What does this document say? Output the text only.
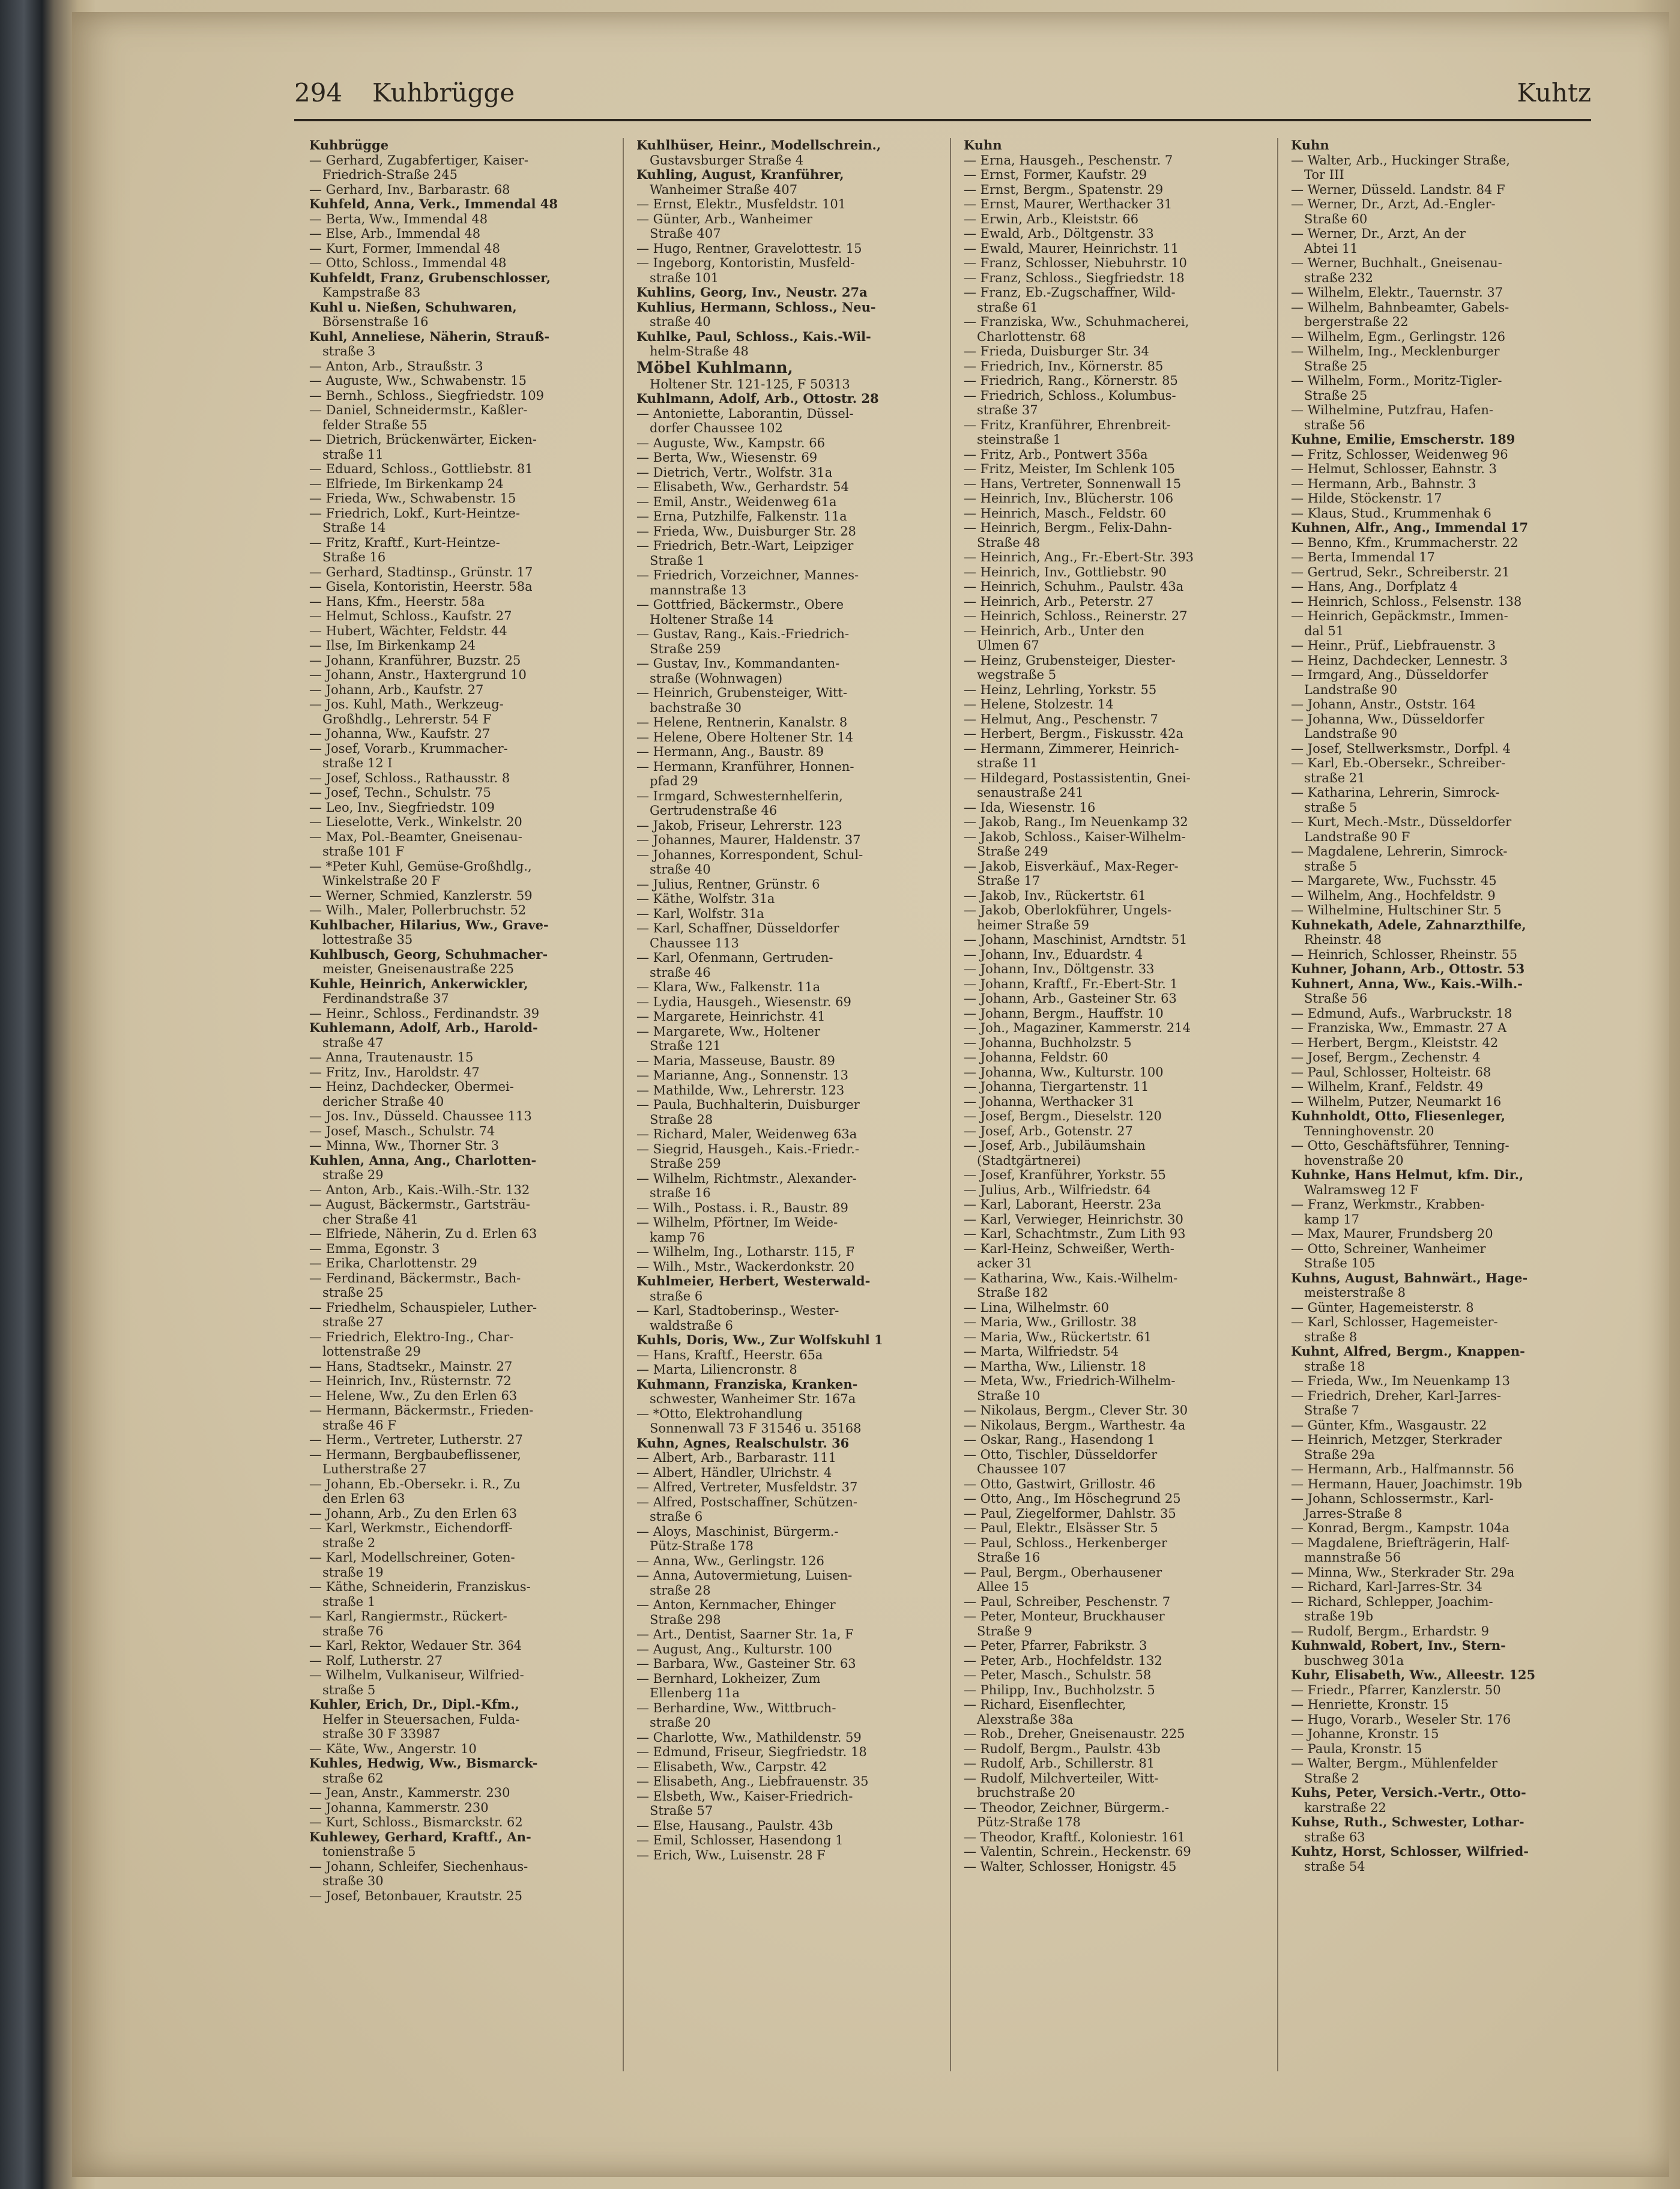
294 Kuhbrügge	Kuhtz
Kuhbrügge
— Gerhard, Zugabfertiger, Kaiser-
Friedrich-Straße 245
— Gerhard, Inv., Barbarastr. 68
Kuhfeld, Anna, Verk., Immendal 48
— Berta, Ww., Immendal 48
— Else, Arb., Immendal 48
— Kurt, Former, Immendal 48
— Otto, Schloss., Immendal 48
Kuhfeldt, Franz, Grubenschlosser,
Kampstraße 83
Kuhl u. Nießen, Schuhwaren,
Börsenstraße 16
Kuhl, Anneliese, Näherin, Strauß-
straße 3
— Anton, Arb., Straußstr. 3
— Auguste, Ww., Schwabenstr. 15
— Bernh., Schloss., Siegfriedstr. 109
— Daniel, Schneidermstr., Kaßler-
felder Straße 55
— Dietrich, Brückenwärter, Eicken-
straße 11
— Eduard, Schloss., Gottliebstr. 81
— Elfriede, Im Birkenkamp 24
— Frieda, Ww., Schwabenstr. 15
— Friedrich, Lokf., Kurt-Heintze-
Straße 14
— Fritz, Kraftf., Kurt-Heintze-
Straße 16
— Gerhard, Stadtinsp., Grünstr. 17
— Gisela, Kontoristin, Heerstr. 58a
— Hans, Kfm., Heerstr. 58a
— Helmut, Schloss., Kaufstr. 27
— Hubert, Wächter, Feldstr. 44
— Ilse, Im Birkenkamp 24
— Johann, Kranführer, Buzstr. 25
— Johann, Anstr., Haxtergrund 10
— Johann, Arb., Kaufstr. 27
— Jos. Kuhl, Math., Werkzeug-
Großhdlg., Lehrerstr. 54 F
— Johanna, Ww., Kaufstr. 27
— Josef, Vorarb., Krummacher-
straße 12 I
— Josef, Schloss., Rathausstr. 8
— Josef, Techn., Schulstr. 75
— Leo, Inv., Siegfriedstr. 109
— Lieselotte, Verk., Winkelstr. 20
— Max, Pol.-Beamter, Gneisenau-
straße 101 F
— *Peter Kuhl, Gemüse-Großhdlg.,
Winkelstraße 20 F
— Werner, Schmied, Kanzlerstr. 59
— Wilh., Maler, Pollerbruchstr. 52
Kuhlbacher, Hilarius, Ww., Grave-
lottestraße 35
Kuhlbusch, Georg, Schuhmacher-
meister, Gneisenaustraße 225
Kuhle, Heinrich, Ankerwickler,
Ferdinandstraße 37
— Heinr., Schloss., Ferdinandstr. 39
Kuhlemann, Adolf, Arb., Harold-
straße 47
— Anna, Trautenaustr. 15
— Fritz, Inv., Haroldstr. 47
— Heinz, Dachdecker, Obermei-
dericher Straße 40
— Jos. Inv., Düsseld. Chaussee 113
— Josef, Masch., Schulstr. 74
— Minna, Ww., Thorner Str. 3
Kuhlen, Anna, Ang., Charlotten-
straße 29
— Anton, Arb., Kais.-Wilh.-Str. 132
— August, Bäckermstr., Gartsträu-
cher Straße 41
— Elfriede, Näherin, Zu d. Erlen 63
— Emma, Egonstr. 3
— Erika, Charlottenstr. 29
— Ferdinand, Bäckermstr., Bach-
straße 25
— Friedhelm, Schauspieler, Luther-
straße 27
— Friedrich, Elektro-Ing., Char-
lottenstraße 29
— Hans, Stadtsekr., Mainstr. 27
— Heinrich, Inv., Rüsternstr. 72
— Helene, Ww., Zu den Erlen 63
— Hermann, Bäckermstr., Frieden-
straße 46 F
— Herm., Vertreter, Lutherstr. 27
— Hermann, Bergbaubeflissener,
Lutherstraße 27
— Johann, Eb.-Obersekr. i. R., Zu
den Erlen 63
— Johann, Arb., Zu den Erlen 63
— Karl, Werkmstr., Eichendorff-
straße 2
— Karl, Modellschreiner, Goten-
straße 19
— Käthe, Schneiderin, Franziskus-
straße 1
— Karl, Rangiermstr., Rückert-
straße 76
— Karl, Rektor, Wedauer Str. 364
— Rolf, Lutherstr. 27
— Wilhelm, Vulkaniseur, Wilfried-
straße 5
Kuhler, Erich, Dr., Dipl.-Kfm.,
Helfer in Steuersachen, Fulda-
straße 30 F 33987
— Käte, Ww., Angerstr. 10
Kuhles, Hedwig, Ww., Bismarck-
straße 62
— Jean, Anstr., Kammerstr. 230
— Johanna, Kammerstr. 230
— Kurt, Schloss., Bismarckstr. 62
Kuhlewey, Gerhard, Kraftf., An-
tonienstraße 5
— Johann, Schleifer, Siechenhaus-
straße 30
— Josef, Betonbauer, Krautstr. 25
Kuhlhüser, Heinr., Modellschrein.,
Gustavsburger Straße 4
Kuhling, August, Kranführer,
Wanheimer Straße 407
— Ernst, Elektr., Musfeldstr. 101
— Günter, Arb., Wanheimer
Straße 407
— Hugo, Rentner, Gravelottestr. 15
— Ingeborg, Kontoristin, Musfeld-
straße 101
Kuhlins, Georg, Inv., Neustr. 27a
Kuhlius, Hermann, Schloss., Neu-
straße 40
Kuhlke, Paul, Schloss., Kais.-Wil-
helm-Straße 48
Möbel Kuhlmann,
Holtener Str. 121-125, F 50313
Kuhlmann, Adolf, Arb., Ottostr. 28
— Antoniette, Laborantin, Düssel-
dorfer Chaussee 102
— Auguste, Ww., Kampstr. 66
— Berta, Ww., Wiesenstr. 69
— Dietrich, Vertr., Wolfstr. 31a
— Elisabeth, Ww., Gerhardstr. 54
— Emil, Anstr., Weidenweg 61a
— Erna, Putzhilfe, Falkenstr. 11a
— Frieda, Ww., Duisburger Str. 28
— Friedrich, Betr.-Wart, Leipziger
Straße 1
— Friedrich, Vorzeichner, Mannes-
mannstraße 13
— Gottfried, Bäckermstr., Obere
Holtener Straße 14
— Gustav, Rang., Kais.-Friedrich-
Straße 259
— Gustav, Inv., Kommandanten-
straße (Wohnwagen)
— Heinrich, Grubensteiger, Witt-
bachstraße 30
— Helene, Rentnerin, Kanalstr. 8
— Helene, Obere Holtener Str. 14
— Hermann, Ang., Baustr. 89
— Hermann, Kranführer, Honnen-
pfad 29
— Irmgard, Schwesternhelferin,
Gertrudenstraße 46
— Jakob, Friseur, Lehrerstr. 123
— Johannes, Maurer, Haldenstr. 37
— Johannes, Korrespondent, Schul-
straße 40
— Julius, Rentner, Grünstr. 6
— Käthe, Wolfstr. 31a
— Karl, Wolfstr. 31a
— Karl, Schaffner, Düsseldorfer
Chaussee 113
— Karl, Ofenmann, Gertruden-
straße 46
— Klara, Ww., Falkenstr. 11a
— Lydia, Hausgeh., Wiesenstr. 69
— Margarete, Heinrichstr. 41
— Margarete, Ww., Holtener
Straße 121
— Maria, Masseuse, Baustr. 89
— Marianne, Ang., Sonnenstr. 13
— Mathilde, Ww., Lehrerstr. 123
— Paula, Buchhalterin, Duisburger
Straße 28
— Richard, Maler, Weidenweg 63a
— Siegrid, Hausgeh., Kais.-Friedr.-
Straße 259
— Wilhelm, Richtmstr., Alexander-
straße 16
— Wilh., Postass. i. R., Baustr. 89
— Wilhelm, Pförtner, Im Weide-
kamp 76
— Wilhelm, Ing., Lotharstr. 115, F
— Wilh., Mstr., Wackerdonkstr. 20
Kuhlmeier, Herbert, Westerwald-
straße 6
— Karl, Stadtoberinsp., Wester-
waldstraße 6
Kuhls, Doris, Ww., Zur Wolfskuhl 1
— Hans, Kraftf., Heerstr. 65a
— Marta, Liliencronstr. 8
Kuhmann, Franziska, Kranken-
schwester, Wanheimer Str. 167a
— *Otto, Elektrohandlung
Sonnenwall 73 F 31546 u. 35168
Kuhn, Agnes, Realschulstr. 36
— Albert, Arb., Barbarastr. 111
— Albert, Händler, Ulrichstr. 4
— Alfred, Vertreter, Musfeldstr. 37
— Alfred, Postschaffner, Schützen-
straße 6
— Aloys, Maschinist, Bürgerm.-
Pütz-Straße 178
— Anna, Ww., Gerlingstr. 126
— Anna, Autovermietung, Luisen-
straße 28
— Anton, Kernmacher, Ehinger
Straße 298
— Art., Dentist, Saarner Str. 1a, F
— August, Ang., Kulturstr. 100
— Barbara, Ww., Gasteiner Str. 63
— Bernhard, Lokheizer, Zum
Ellenberg 11a
— Berhardine, Ww., Wittbruch-
straße 20
— Charlotte, Ww., Mathildenstr. 59
— Edmund, Friseur, Siegfriedstr. 18
— Elisabeth, Ww., Carpstr. 42
— Elisabeth, Ang., Liebfrauenstr. 35
— Elsbeth, Ww., Kaiser-Friedrich-
Straße 57
— Else, Hausang., Paulstr. 43b
— Emil, Schlosser, Hasendong 1
— Erich, Ww., Luisenstr. 28 F
Kuhn
— Erna, Hausgeh., Peschenstr. 7
— Ernst, Former, Kaufstr. 29
— Ernst, Bergm., Spatenstr. 29
— Ernst, Maurer, Werthacker 31
— Erwin, Arb., Kleiststr. 66
— Ewald, Arb., Döltgenstr. 33
— Ewald, Maurer, Heinrichstr. 11
— Franz, Schlosser, Niebuhrstr. 10
— Franz, Schloss., Siegfriedstr. 18
— Franz, Eb.-Zugschaffner, Wild-
straße 61
— Franziska, Ww., Schuhmacherei,
Charlottenstr. 68
— Frieda, Duisburger Str. 34
— Friedrich, Inv., Körnerstr. 85
— Friedrich, Rang., Körnerstr. 85
— Friedrich, Schloss., Kolumbus-
straße 37
— Fritz, Kranführer, Ehrenbreit-
steinstraße 1
— Fritz, Arb., Pontwert 356a
— Fritz, Meister, Im Schlenk 105
— Hans, Vertreter, Sonnenwall 15
— Heinrich, Inv., Blücherstr. 106
— Heinrich, Masch., Feldstr. 60
— Heinrich, Bergm., Felix-Dahn-
Straße 48
— Heinrich, Ang., Fr.-Ebert-Str. 393
— Heinrich, Inv., Gottliebstr. 90
— Heinrich, Schuhm., Paulstr. 43a
— Heinrich, Arb., Peterstr. 27
— Heinrich, Schloss., Reinerstr. 27
— Heinrich, Arb., Unter den
Ulmen 67
— Heinz, Grubensteiger, Diester-
wegstraße 5
— Heinz, Lehrling, Yorkstr. 55
— Helene, Stolzestr. 14
— Helmut, Ang., Peschenstr. 7
— Herbert, Bergm., Fiskusstr. 42a
— Hermann, Zimmerer, Heinrich-
straße 11
— Hildegard, Postassistentin, Gnei-
senaustraße 241
— Ida, Wiesenstr. 16
— Jakob, Rang., Im Neuenkamp 32
— Jakob, Schloss., Kaiser-Wilhelm-
Straße 249
— Jakob, Eisverkäuf., Max-Reger-
Straße 17
— Jakob, Inv., Rückertstr. 61
— Jakob, Oberlokführer, Ungels-
heimer Straße 59
— Johann, Maschinist, Arndtstr. 51
— Johann, Inv., Eduardstr. 4
— Johann, Inv., Döltgenstr. 33
— Johann, Kraftf., Fr.-Ebert-Str. 1
— Johann, Arb., Gasteiner Str. 63
— Johann, Bergm., Hauffstr. 10
— Joh., Magaziner, Kammerstr. 214
— Johanna, Buchholzstr. 5
— Johanna, Feldstr. 60
— Johanna, Ww., Kulturstr. 100
— Johanna, Tiergartenstr. 11
— Johanna, Werthacker 31
— Josef, Bergm., Dieselstr. 120
— Josef, Arb., Gotenstr. 27
— Josef, Arb., Jubiläumshain
(Stadtgärtnerei)
— Josef, Kranführer, Yorkstr. 55
— Julius, Arb., Wilfriedstr. 64
— Karl, Laborant, Heerstr. 23a
— Karl, Verwieger, Heinrichstr. 30
— Karl, Schachtmstr., Zum Lith 93
— Karl-Heinz, Schweißer, Werth-
acker 31
— Katharina, Ww., Kais.-Wilhelm-
Straße 182
— Lina, Wilhelmstr. 60
— Maria, Ww., Grillostr. 38
— Maria, Ww., Rückertstr. 61
— Marta, Wilfriedstr. 54
— Martha, Ww., Lilienstr. 18
— Meta, Ww., Friedrich-Wilhelm-
Straße 10
— Nikolaus, Bergm., Clever Str. 30
— Nikolaus, Bergm., Warthestr. 4a
— Oskar, Rang., Hasendong 1
— Otto, Tischler, Düsseldorfer
Chaussee 107
— Otto, Gastwirt, Grillostr. 46
— Otto, Ang., Im Höschegrund 25
— Paul, Ziegelformer, Dahlstr. 35
— Paul, Elektr., Elsässer Str. 5
— Paul, Schloss., Herkenberger
Straße 16
— Paul, Bergm., Oberhausener
Allee 15
— Paul, Schreiber, Peschenstr. 7
— Peter, Monteur, Bruckhauser
Straße 9
— Peter, Pfarrer, Fabrikstr. 3
— Peter, Arb., Hochfeldstr. 132
— Peter, Masch., Schulstr. 58
— Philipp, Inv., Buchholzstr. 5
— Richard, Eisenflechter,
Alexstraße 38a
— Rob., Dreher, Gneisenaustr. 225
— Rudolf, Bergm., Paulstr. 43b
— Rudolf, Arb., Schillerstr. 81
— Rudolf, Milchverteiler, Witt-
bruchstraße 20
— Theodor, Zeichner, Bürgerm.-
Pütz-Straße 178
— Theodor, Kraftf., Koloniestr. 161
— Valentin, Schrein., Heckenstr. 69
— Walter, Schlosser, Honigstr. 45
Kuhn
— Walter, Arb., Huckinger Straße,
Tor III
— Werner, Düsseld. Landstr. 84 F
— Werner, Dr., Arzt, Ad.-Engler-
Straße 60
— Werner, Dr., Arzt, An der
Abtei 11
— Werner, Buchhalt., Gneisenau-
straße 232
— Wilhelm, Elektr., Tauernstr. 37
— Wilhelm, Bahnbeamter, Gabels-
bergerstraße 22
— Wilhelm, Egm., Gerlingstr. 126
— Wilhelm, Ing., Mecklenburger
Straße 25
— Wilhelm, Form., Moritz-Tigler-
Straße 25
— Wilhelmine, Putzfrau, Hafen-
straße 56
Kuhne, Emilie, Emscherstr. 189
— Fritz, Schlosser, Weidenweg 96
— Helmut, Schlosser, Eahnstr. 3
— Hermann, Arb., Bahnstr. 3
— Hilde, Stöckenstr. 17
— Klaus, Stud., Krummenhak 6
Kuhnen, Alfr., Ang., Immendal 17
— Benno, Kfm., Krummacherstr. 22
— Berta, Immendal 17
— Gertrud, Sekr., Schreiberstr. 21
— Hans, Ang., Dorfplatz 4
— Heinrich, Schloss., Felsenstr. 138
— Heinrich, Gepäckmstr., Immen-
dal 51
— Heinr., Prüf., Liebfrauenstr. 3
— Heinz, Dachdecker, Lennestr. 3
— Irmgard, Ang., Düsseldorfer
Landstraße 90
— Johann, Anstr., Oststr. 164
— Johanna, Ww., Düsseldorfer
Landstraße 90
— Josef, Stellwerksmstr., Dorfpl. 4
— Karl, Eb.-Obersekr., Schreiber-
straße 21
— Katharina, Lehrerin, Simrock-
straße 5
— Kurt, Mech.-Mstr., Düsseldorfer
Landstraße 90 F
— Magdalene, Lehrerin, Simrock-
straße 5
— Margarete, Ww., Fuchsstr. 45
— Wilhelm, Ang., Hochfeldstr. 9
— Wilhelmine, Hultschiner Str. 5
Kuhnekath, Adele, Zahnarzthilfe,
Rheinstr. 48
— Heinrich, Schlosser, Rheinstr. 55
Kuhner, Johann, Arb., Ottostr. 53
Kuhnert, Anna, Ww., Kais.-Wilh.-
Straße 56
— Edmund, Aufs., Warbruckstr. 18
— Franziska, Ww., Emmastr. 27 A
— Herbert, Bergm., Kleiststr. 42
— Josef, Bergm., Zechenstr. 4
— Paul, Schlosser, Holteistr. 68
— Wilhelm, Kranf., Feldstr. 49
— Wilhelm, Putzer, Neumarkt 16
Kuhnholdt, Otto, Fliesenleger,
Tenninghovenstr. 20
— Otto, Geschäftsführer, Tenning-
hovenstraße 20
Kuhnke, Hans Helmut, kfm. Dir.,
Walramsweg 12 F
— Franz, Werkmstr., Krabben-
kamp 17
— Max, Maurer, Frundsberg 20
— Otto, Schreiner, Wanheimer
Straße 105
Kuhns, August, Bahnwärt., Hage-
meisterstraße 8
— Günter, Hagemeisterstr. 8
— Karl, Schlosser, Hagemeister-
straße 8
Kuhnt, Alfred, Bergm., Knappen-
straße 18
— Frieda, Ww., Im Neuenkamp 13
— Friedrich, Dreher, Karl-Jarres-
Straße 7
— Günter, Kfm., Wasgaustr. 22
— Heinrich, Metzger, Sterkrader
Straße 29a
— Hermann, Arb., Halfmannstr. 56
— Hermann, Hauer, Joachimstr. 19b
— Johann, Schlossermstr., Karl-
Jarres-Straße 8
— Konrad, Bergm., Kampstr. 104a
— Magdalene, Briefträgerin, Half-
mannstraße 56
— Minna, Ww., Sterkrader Str. 29a
— Richard, Karl-Jarres-Str. 34
— Richard, Schlepper, Joachim-
straße 19b
— Rudolf, Bergm., Erhardstr. 9
Kuhnwald, Robert, Inv., Stern-
buschweg 301a
Kuhr, Elisabeth, Ww., Alleestr. 125
— Friedr., Pfarrer, Kanzlerstr. 50
— Henriette, Kronstr. 15
— Hugo, Vorarb., Weseler Str. 176
— Johanne, Kronstr. 15
— Paula, Kronstr. 15
— Walter, Bergm., Mühlenfelder
Straße 2
Kuhs, Peter, Versich.-Vertr., Otto-
karstraße 22
Kuhse, Ruth., Schwester, Lothar-
straße 63
Kuhtz, Horst, Schlosser, Wilfried-
straße 54
